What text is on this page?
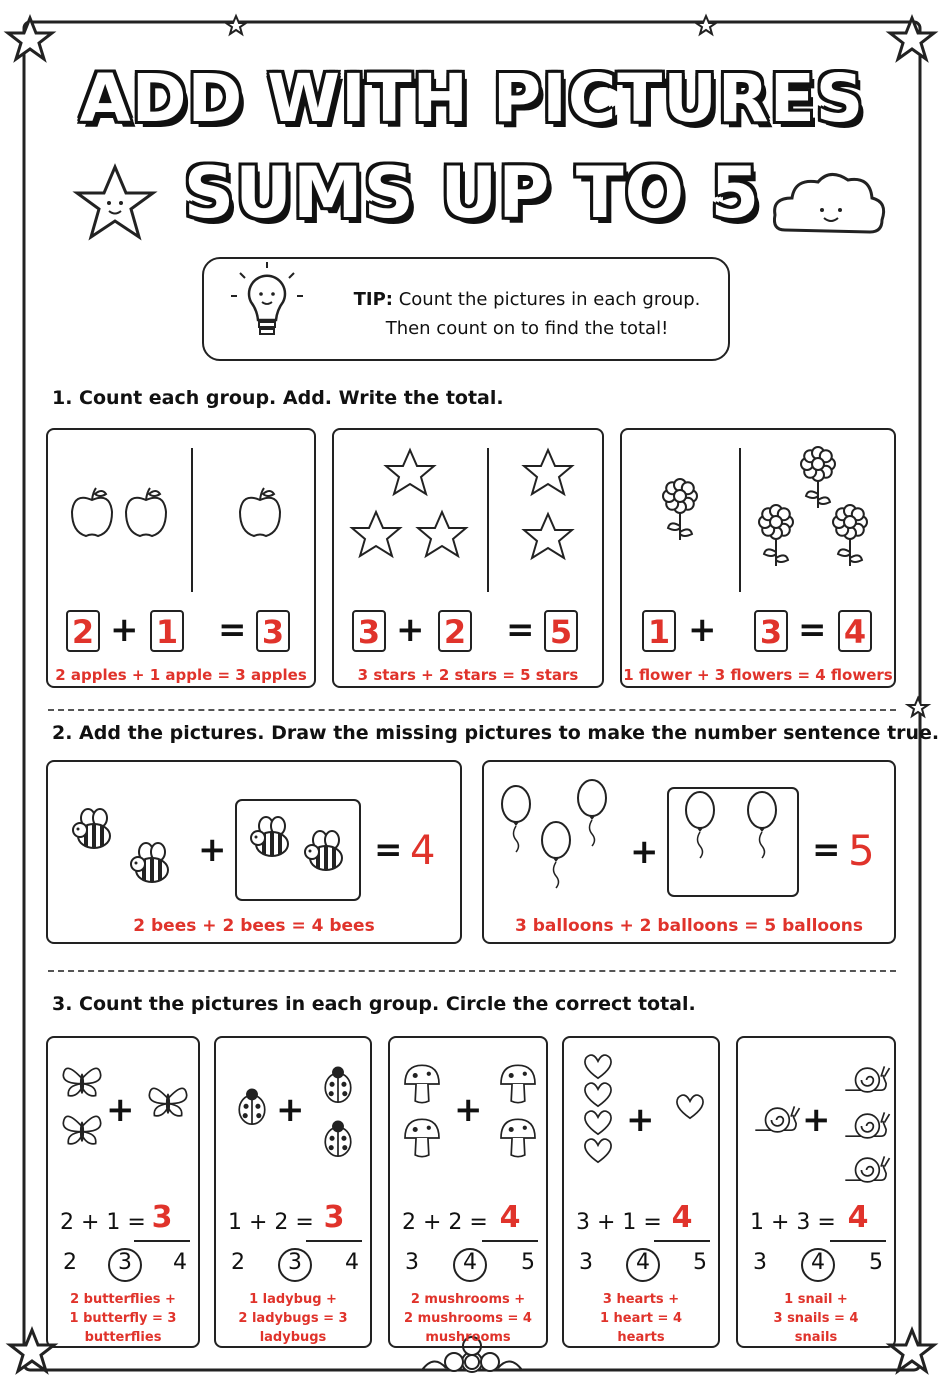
ADD WITH PICTURES
SUMS UP TO 5
TIP: Count the pictures in each group.
Then count on to find the total!
1. Count each group. Add. Write the total.
2 + 1 = 3
2 apples + 1 apple = 3 apples
3 + 2 = 5
3 stars + 2 stars = 5 stars
1 + 3 = 4
1 flower + 3 flowers = 4 flowers
2. Add the pictures. Draw the missing pictures to make the number sentence true.
+	= 4
2 bees + 2 bees = 4 bees
+	= 5
3 balloons + 2 balloons = 5 balloons
3. Count the pictures in each group. Circle the correct total.
+
2 + 1 = 3
2	3	4
2 butterflies +
1 butterfly = 3
butterflies
+
1 + 2 = 3
2	3	4
1 ladybug +
2 ladybugs = 3
ladybugs
+
2 + 2 = 4
3	4	5
2 mushrooms +
2 mushrooms = 4
mushrooms
+
3 + 1 = 4
3	4	5
3 hearts +
1 heart = 4
hearts
+
1 + 3 = 4
3	4	5
1 snail +
3 snails = 4
snails
